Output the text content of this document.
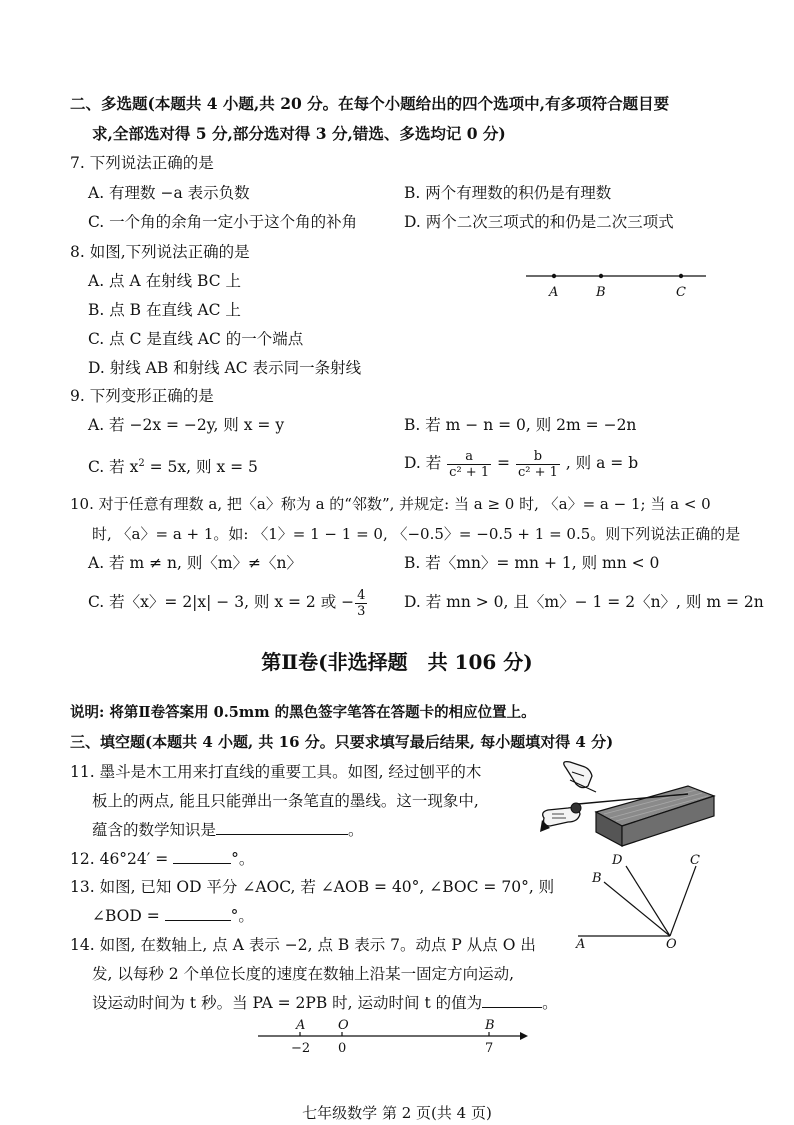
二、多选题(本题共 4 小题,共 20 分。在每个小题给出的四个选项中,有多项符合题目要
求,全部选对得 5 分,部分选对得 3 分,错选、多选均记 0 分)
7. 下列说法正确的是
A. 有理数 −a 表示负数	B. 两个有理数的积仍是有理数
C. 一个角的余角一定小于这个角的补角	D. 两个二次三项式的和仍是二次三项式
8. 如图,下列说法正确的是
A. 点 A 在射线 BC 上
B. 点 B 在直线 AC 上
C. 点 C 是直线 AC 的一个端点
D. 射线 AB 和射线 AC 表示同一条射线
A	B	C
9. 下列变形正确的是
A. 若 −2x = −2y, 则 x = y	B. 若 m − n = 0, 则 2m = −2n
C. 若 $x^2 = 5x$, 则 x = 5	D. 若 $\frac{a}{\text{c² + 1}} = \frac{b}{\text{c² + 1}}$ , 则 a = b
10. 对于任意有理数 a, 把〈a〉称为 a 的“邻数”, 并规定: 当 a ≥ 0 时, 〈a〉= a − 1; 当 a < 0
时, 〈a〉= a + 1。如: 〈1〉= 1 − 1 = 0, 〈−0.5〉= −0.5 + 1 = 0.5。则下列说法正确的是
A. 若 m ≠ n, 则〈m〉≠〈n〉	B. 若〈mn〉= mn + 1, 则 mn < 0
C. 若〈x〉= 2|x| − 3, 则 x = 2 或 − $\frac{4}{3} D$. 若 mn > 0, 且〈m〉− 1 = 2〈n〉, 则 m = 2n
第Ⅱ卷(非选择题　共 106 分)
说明: 将第Ⅱ卷答案用 0.5mm 的黑色签字笔答在答题卡的相应位置上。
三、填空题(本题共 4 小题, 共 16 分。只要求填写最后结果, 每小题填对得 4 分)
11. 墨斗是木工用来打直线的重要工具。如图, 经过刨平的木
板上的两点, 能且只能弹出一条笔直的墨线。这一现象中,
蕴含的数学知识是	。
12. 46°24′ =	°。
13. 如图, 已知 OD 平分 ∠AOC, 若 ∠AOB = 40°, ∠BOC = 70°, 则
∠BOD =	°。
A	O
B
D	C
14. 如图, 在数轴上, 点 A 表示 −2, 点 B 表示 7。动点 P 从点 O 出
发, 以每秒 2 个单位长度的速度在数轴上沿某一固定方向运动,
设运动时间为 t 秒。当 PA = 2PB 时, 运动时间 t 的值为	。
A
−2
O
0
B
7
七年级数学 第 2 页(共 4 页)
